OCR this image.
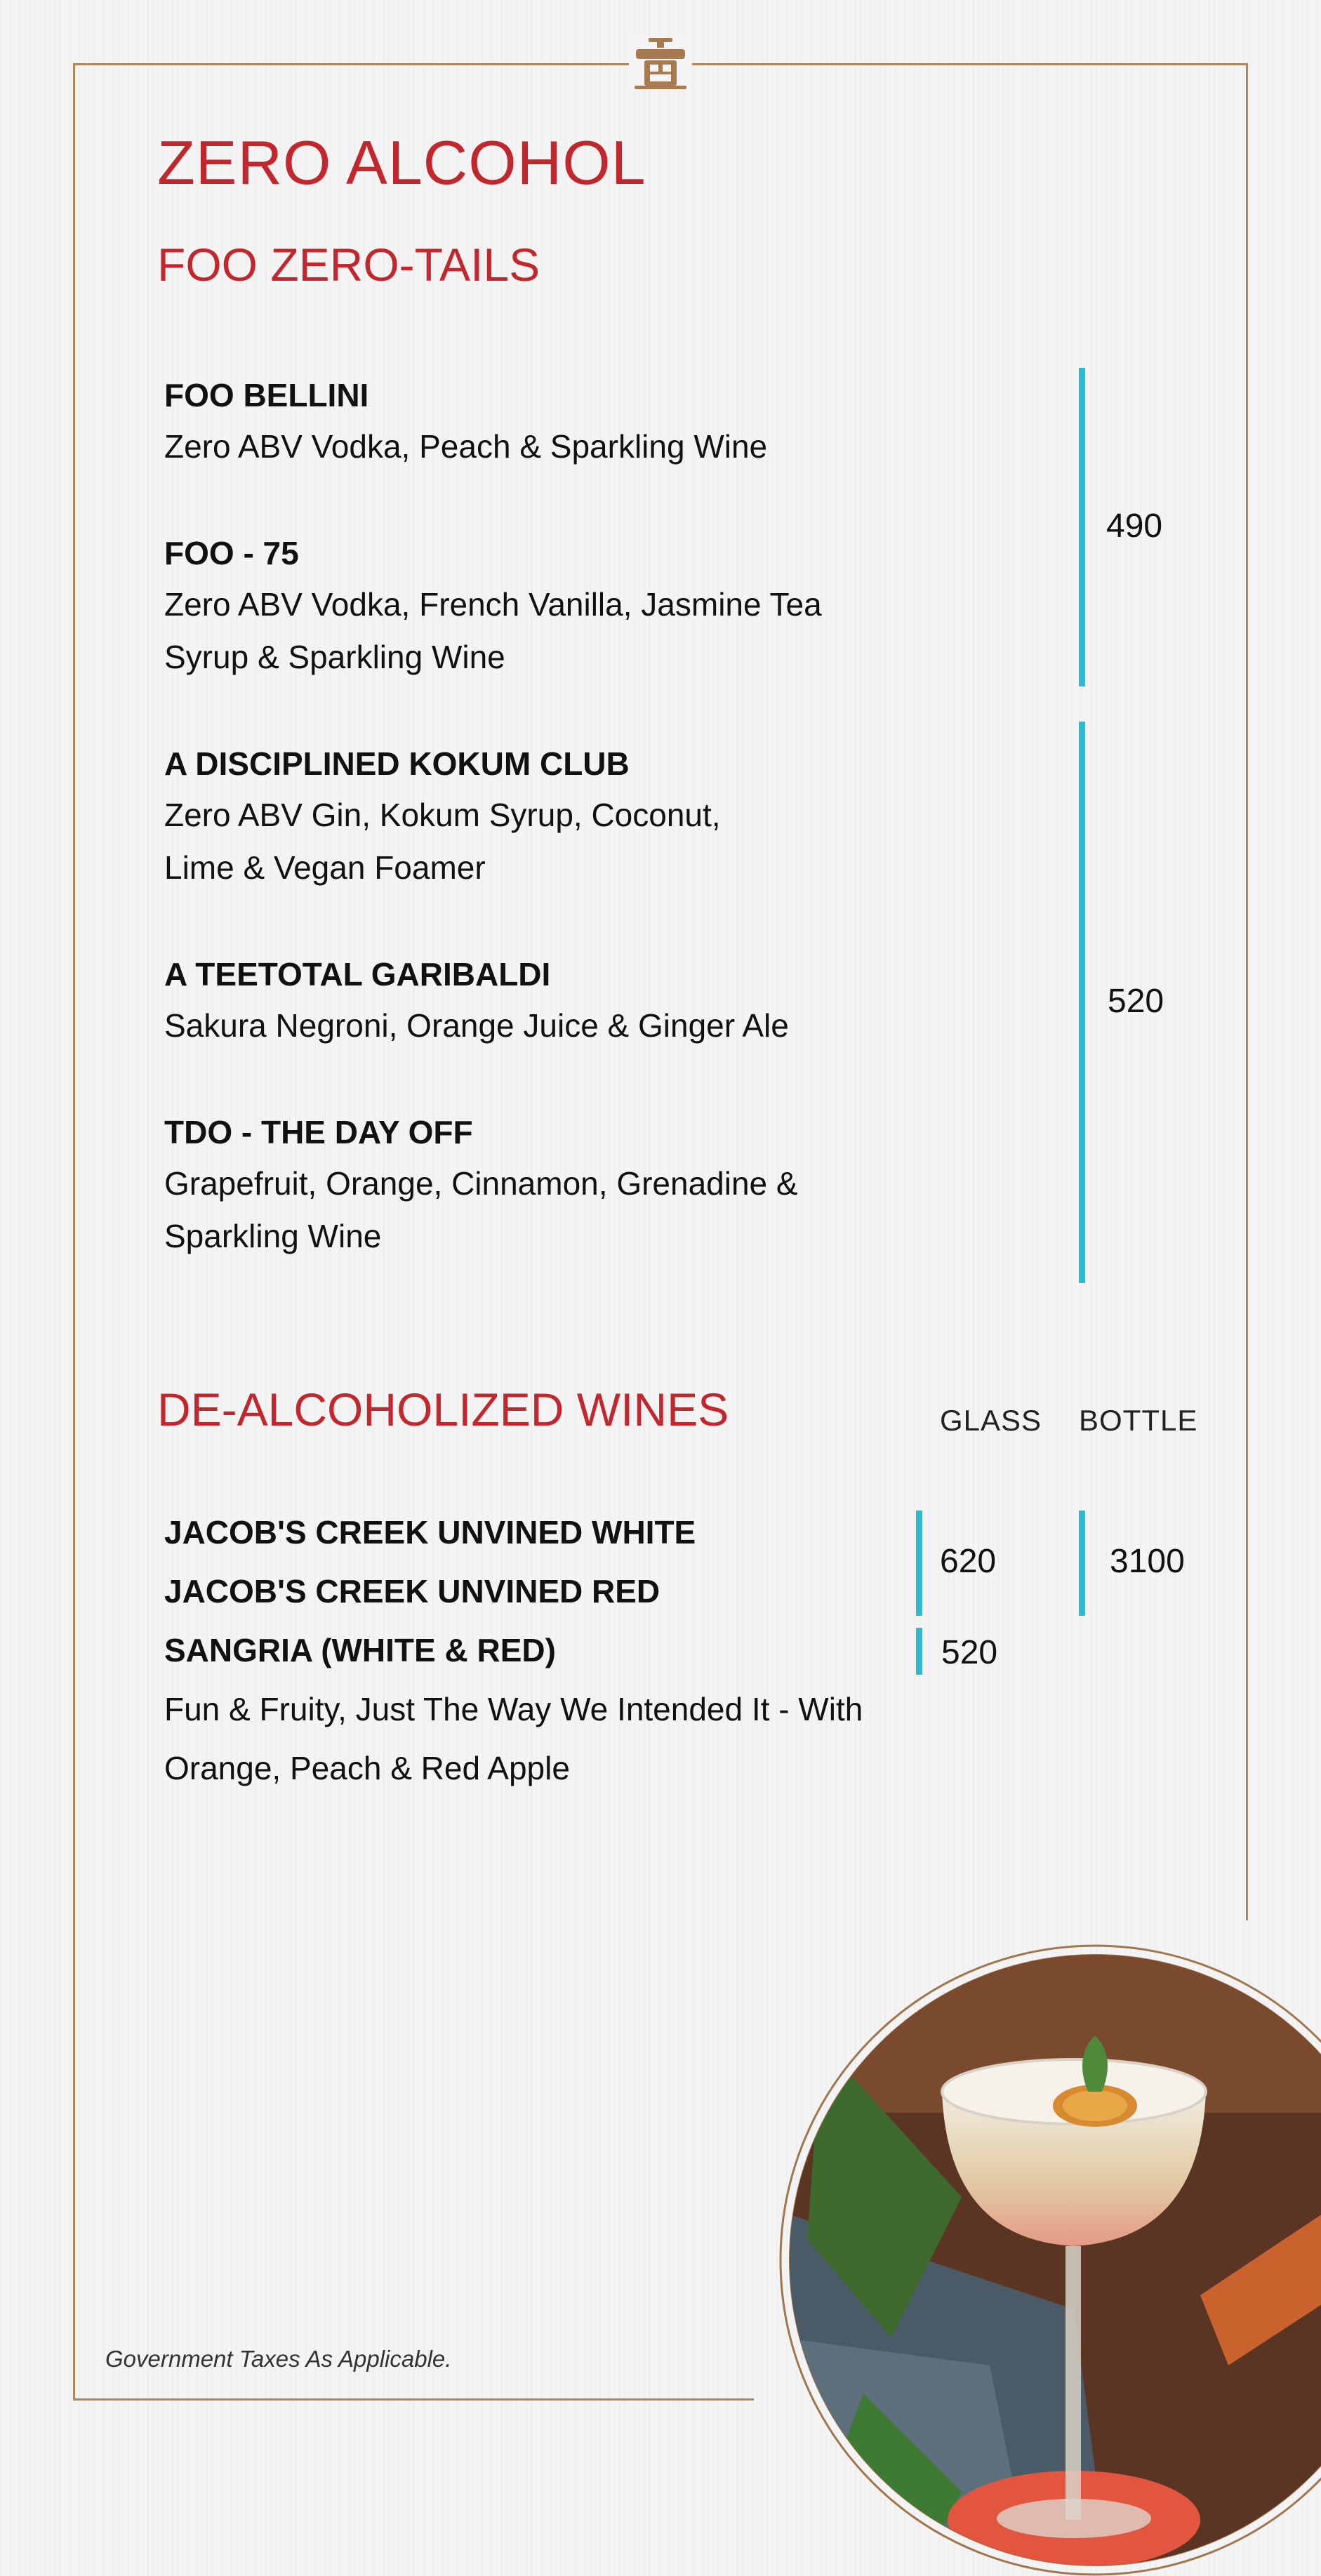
ZERO ALCOHOL
FOO ZERO-TAILS
FOO BELLINI
Zero ABV Vodka, Peach & Sparkling Wine
FOO - 75
Zero ABV Vodka, French Vanilla, Jasmine Tea Syrup & Sparkling Wine
A DISCIPLINED KOKUM CLUB
Zero ABV Gin, Kokum Syrup, Coconut, Lime & Vegan Foamer
A TEETOTAL GARIBALDI
Sakura Negroni, Orange Juice & Ginger Ale
TDO - THE DAY OFF
Grapefruit, Orange, Cinnamon, Grenadine & Sparkling Wine
490
520
DE-ALCOHOLIZED WINES	GLASS BOTTLE
JACOB'S CREEK UNVINED WHITE
JACOB'S CREEK UNVINED RED
SANGRIA (WHITE & RED)
Fun & Fruity, Just The Way We Intended It - With Orange, Peach & Red Apple
620	3100
520
Government Taxes As Applicable.
